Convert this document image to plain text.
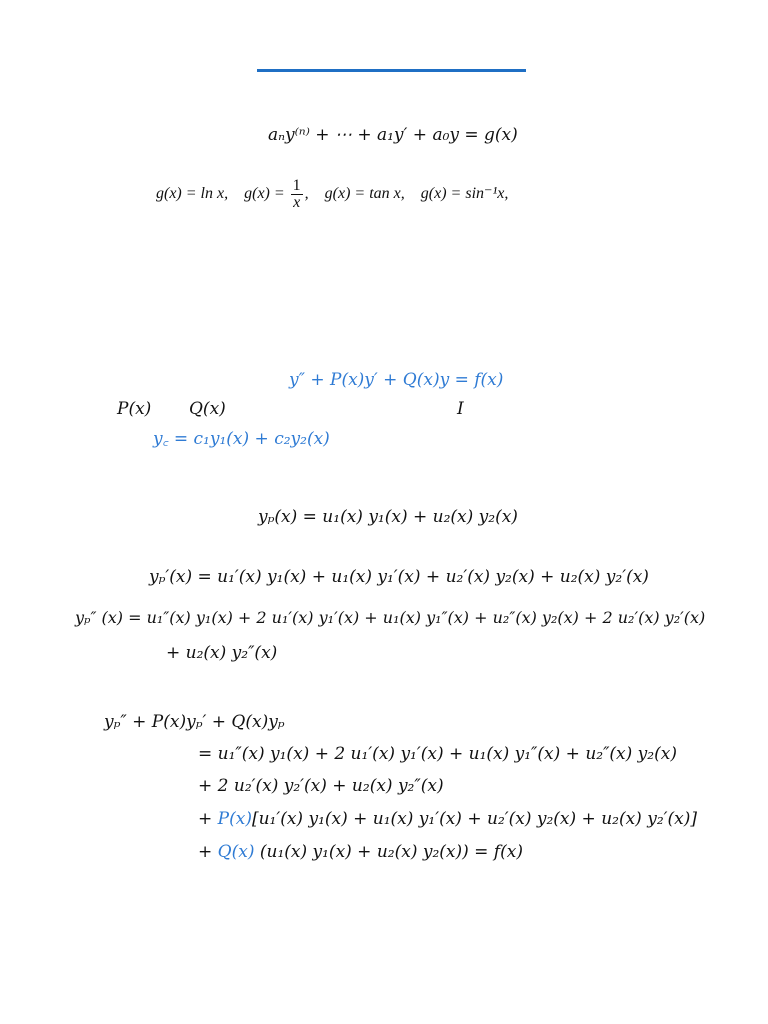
aₙy⁽ⁿ⁾ + ⋯ + a₁y′ + a₀y = g(x)
g(x) = ln x, $g(x) = \frac{1}{x}$ , g(x) = tan x, g(x) = sin⁻¹x,
y″ + P(x)y′ + Q(x)y = f(x)
P(x) Q(x)	I
y꜀ = c₁y₁(x) + c₂y₂(x)
yₚ(x) = u₁(x) y₁(x) + u₂(x) y₂(x)
yₚ′(x) = u₁′(x) y₁(x) + u₁(x) y₁′(x) + u₂′(x) y₂(x) + u₂(x) y₂′(x)
yₚ″ (x) = u₁″(x) y₁(x) + 2 u₁′(x) y₁′(x) + u₁(x) y₁″(x) + u₂″(x) y₂(x) + 2 u₂′(x) y₂′(x)
+ u₂(x) y₂″(x)
yₚ″ + P(x)yₚ′ + Q(x)yₚ
= u₁″(x) y₁(x) + 2 u₁′(x) y₁′(x) + u₁(x) y₁″(x) + u₂″(x) y₂(x)
+ 2 u₂′(x) y₂′(x) + u₂(x) y₂″(x)
+ P(x)[u₁′(x) y₁(x) + u₁(x) y₁′(x) + u₂′(x) y₂(x) + u₂(x) y₂′(x)]
+ Q(x) (u₁(x) y₁(x) + u₂(x) y₂(x)) = f(x)
